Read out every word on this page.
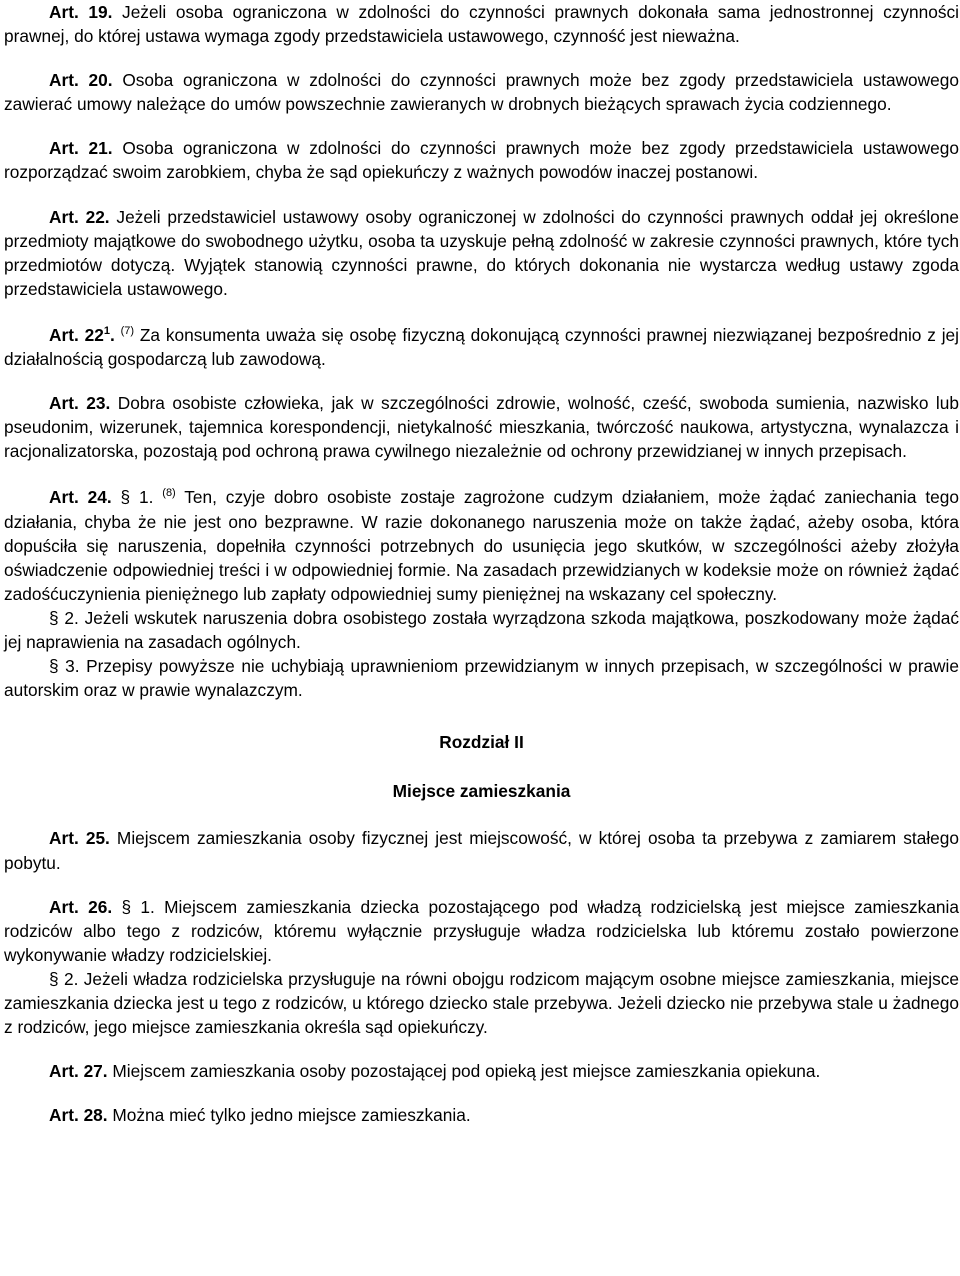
Art. 19. Jeżeli osoba ograniczona w zdolności do czynności prawnych dokonała sama jednostronnej czynności prawnej, do której ustawa wymaga zgody przedstawiciela ustawowego, czynność jest nieważna.

Art. 20. Osoba ograniczona w zdolności do czynności prawnych może bez zgody przedstawiciela ustawowego zawierać umowy należące do umów powszechnie zawieranych w drobnych bieżących sprawach życia codziennego.

Art. 21. Osoba ograniczona w zdolności do czynności prawnych może bez zgody przedstawiciela ustawowego rozporządzać swoim zarobkiem, chyba że sąd opiekuńczy z ważnych powodów inaczej postanowi.

Art. 22. Jeżeli przedstawiciel ustawowy osoby ograniczonej w zdolności do czynności prawnych oddał jej określone przedmioty majątkowe do swobodnego użytku, osoba ta uzyskuje pełną zdolność w zakresie czynności prawnych, które tych przedmiotów dotyczą. Wyjątek stanowią czynności prawne, do których dokonania nie wystarcza według ustawy zgoda przedstawiciela ustawowego.

Art. $22^1$. $^{(7)}$ Za konsumenta uważa się osobę fizyczną dokonującą czynności prawnej niezwiązanej bezpośrednio z jej działalnością gospodarczą lub zawodową.

Art. 23. Dobra osobiste człowieka, jak w szczególności zdrowie, wolność, cześć, swoboda sumienia, nazwisko lub pseudonim, wizerunek, tajemnica korespondencji, nietykalność mieszkania, twórczość naukowa, artystyczna, wynalazcza i racjonalizatorska, pozostają pod ochroną prawa cywilnego niezależnie od ochrony przewidzianej w innych przepisach.

Art. 24. § 1. $^{(8)}$ Ten, czyje dobro osobiste zostaje zagrożone cudzym działaniem, może żądać zaniechania tego działania, chyba że nie jest ono bezprawne. W razie dokonanego naruszenia może on także żądać, ażeby osoba, która dopuściła się naruszenia, dopełniła czynności potrzebnych do usunięcia jego skutków, w szczególności ażeby złożyła oświadczenie odpowiedniej treści i w odpowiedniej formie. Na zasadach przewidzianych w kodeksie może on również żądać zadośćuczynienia pieniężnego lub zapłaty odpowiedniej sumy pieniężnej na wskazany cel społeczny.

§ 2. Jeżeli wskutek naruszenia dobra osobistego została wyrządzona szkoda majątkowa, poszkodowany może żądać jej naprawienia na zasadach ogólnych.

§ 3. Przepisy powyższe nie uchybiają uprawnieniom przewidzianym w innych przepisach, w szczególności w prawie autorskim oraz w prawie wynalazczym.

Rozdział II

Miejsce zamieszkania

Art. 25. Miejscem zamieszkania osoby fizycznej jest miejscowość, w której osoba ta przebywa z zamiarem stałego pobytu.

Art. 26. § 1. Miejscem zamieszkania dziecka pozostającego pod władzą rodzicielską jest miejsce zamieszkania rodziców albo tego z rodziców, któremu wyłącznie przysługuje władza rodzicielska lub któremu zostało powierzone wykonywanie władzy rodzicielskiej.

§ 2. Jeżeli władza rodzicielska przysługuje na równi obojgu rodzicom mającym osobne miejsce zamieszkania, miejsce zamieszkania dziecka jest u tego z rodziców, u którego dziecko stale przebywa. Jeżeli dziecko nie przebywa stale u żadnego z rodziców, jego miejsce zamieszkania określa sąd opiekuńczy.

Art. 27. Miejscem zamieszkania osoby pozostającej pod opieką jest miejsce zamieszkania opiekuna.

Art. 28. Można mieć tylko jedno miejsce zamieszkania.
